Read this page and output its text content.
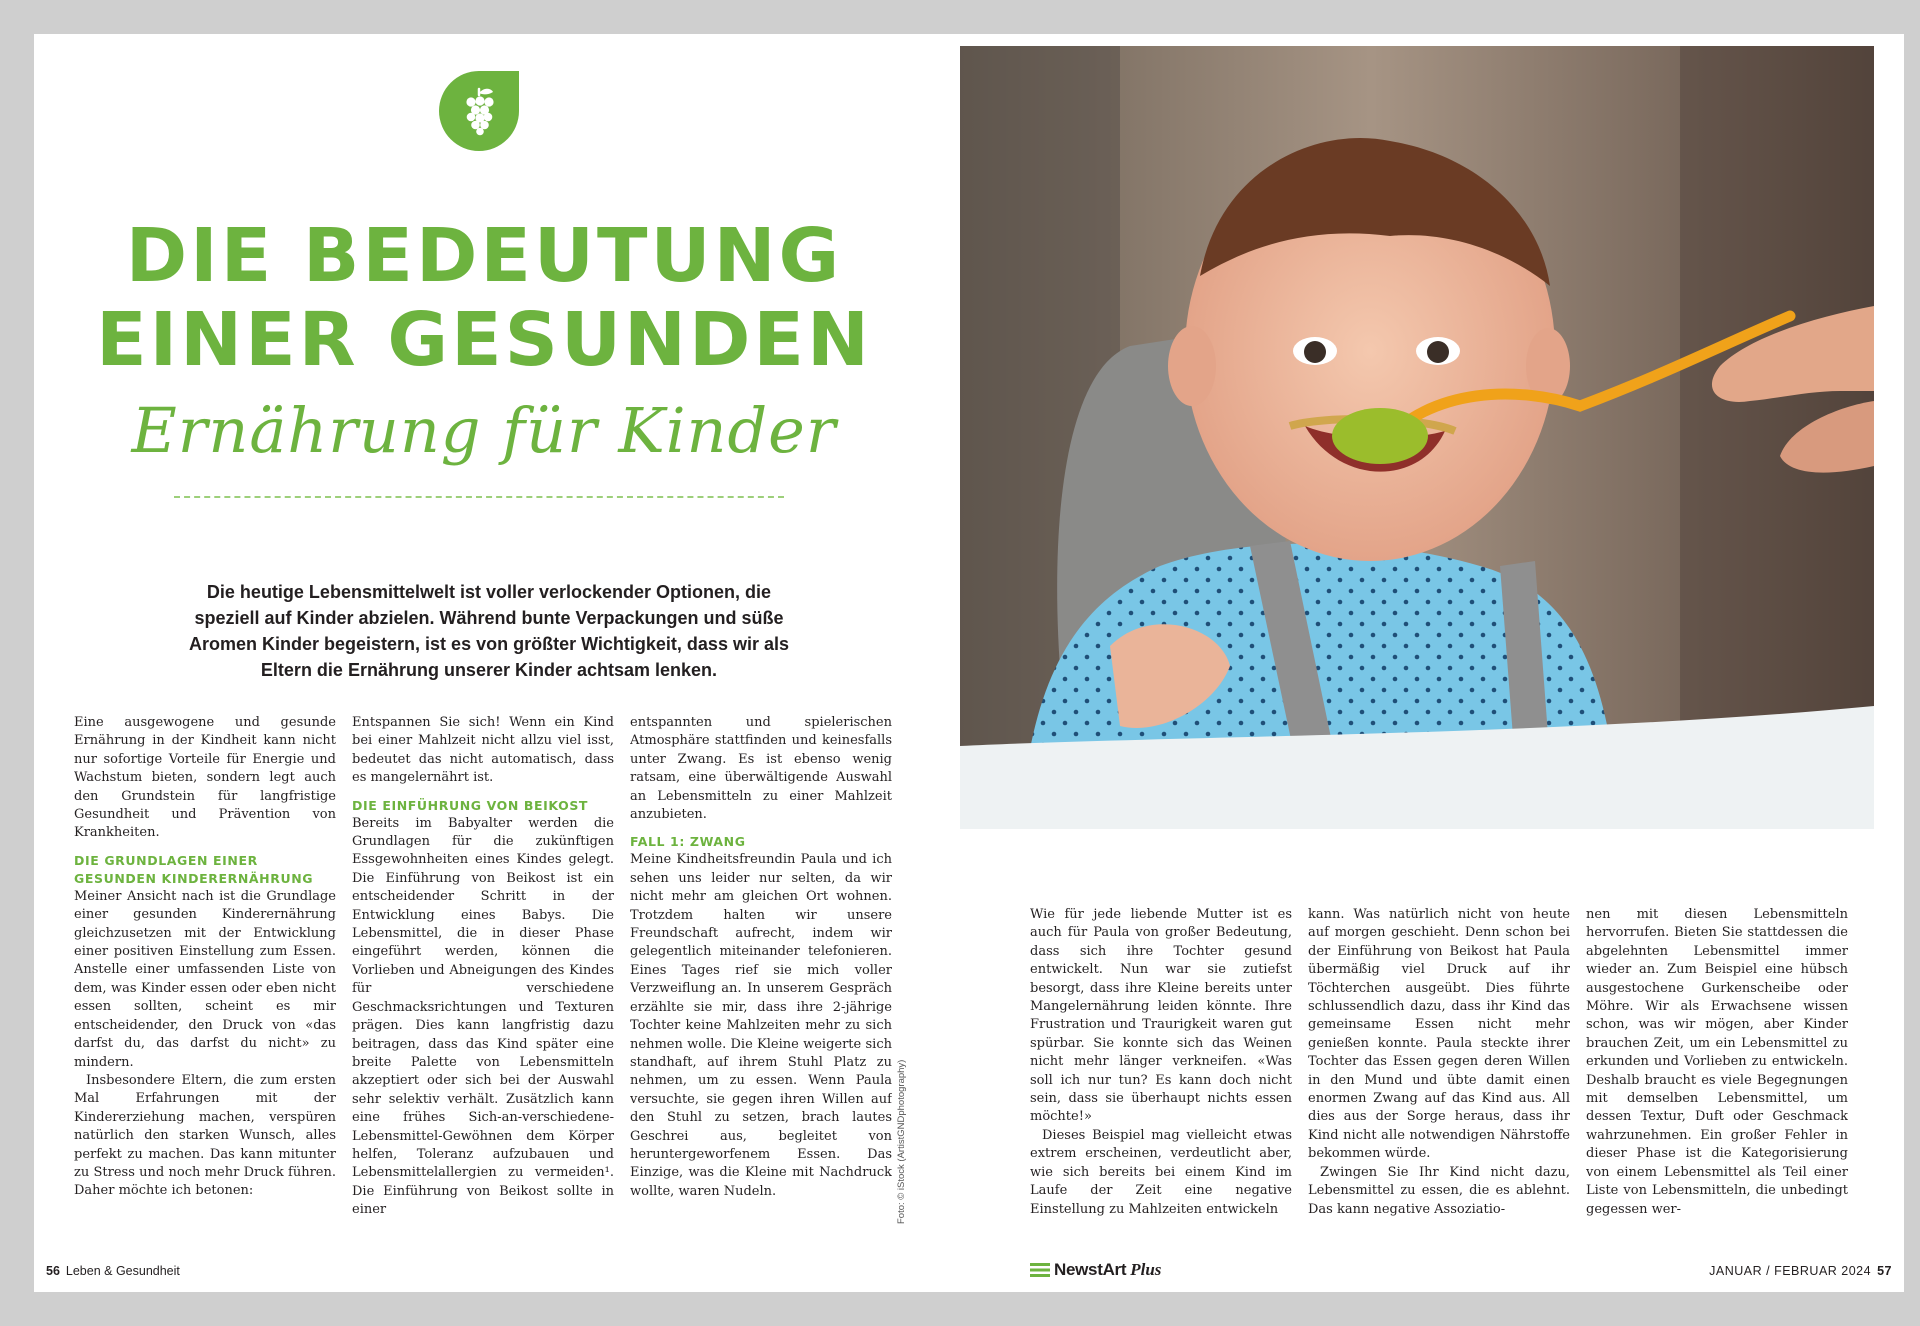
DIE BEDEUTUNG
EINER GESUNDEN

Ernährung für Kinder

Die heutige Lebensmittelwelt ist voller verlockender Optionen, die speziell auf Kinder abzielen. Während bunte Verpackungen und süße Aromen Kinder begeistern, ist es von größter Wichtigkeit, dass wir als Eltern die Ernährung unserer Kinder achtsam lenken.

Eine ausgewogene und gesunde Ernährung in der Kindheit kann nicht nur sofortige Vorteile für Energie und Wachstum bieten, sondern legt auch den Grundstein für langfristige Gesundheit und Prävention von Krankheiten.

DIE GRUNDLAGEN EINER GESUNDEN KINDERERNÄHRUNG

Meiner Ansicht nach ist die Grundlage einer gesunden Kinderernährung gleichzusetzen mit der Entwicklung einer positiven Einstellung zum Essen. Anstelle einer umfassenden Liste von dem, was Kinder essen oder eben nicht essen sollten, scheint es mir entscheidender, den Druck von «das darfst du, das darfst du nicht» zu mindern.

Insbesondere Eltern, die zum ersten Mal Erfahrungen mit der Kindererziehung machen, verspüren natürlich den starken Wunsch, alles perfekt zu machen. Das kann mitunter zu Stress und noch mehr Druck führen. Daher möchte ich betonen:

Entspannen Sie sich! Wenn ein Kind bei einer Mahlzeit nicht allzu viel isst, bedeutet das nicht automatisch, dass es mangelernährt ist.

DIE EINFÜHRUNG VON BEIKOST

Bereits im Babyalter werden die Grundlagen für die zukünftigen Essgewohnheiten eines Kindes gelegt. Die Einführung von Beikost ist ein entscheidender Schritt in der Entwicklung eines Babys. Die Lebensmittel, die in dieser Phase eingeführt werden, können die Vorlieben und Abneigungen des Kindes für verschiedene Geschmacksrichtungen und Texturen prägen. Dies kann langfristig dazu beitragen, dass das Kind später eine breite Palette von Lebensmitteln akzeptiert oder sich bei der Auswahl sehr selektiv verhält. Zusätzlich kann eine frühes Sich-an-verschiedene-Lebensmittel-Gewöhnen dem Körper helfen, Toleranz aufzubauen und Lebensmittelallergien zu vermeiden¹. Die Einführung von Beikost sollte in einer

entspannten und spielerischen Atmosphäre stattfinden und keinesfalls unter Zwang. Es ist ebenso wenig ratsam, eine überwältigende Auswahl an Lebensmitteln zu einer Mahlzeit anzubieten.

FALL 1: ZWANG

Meine Kindheitsfreundin Paula und ich sehen uns leider nur selten, da wir nicht mehr am gleichen Ort wohnen. Trotzdem halten wir unsere Freundschaft aufrecht, indem wir gelegentlich miteinander telefonieren. Eines Tages rief sie mich voller Verzweiflung an. In unserem Gespräch erzählte sie mir, dass ihre 2-jährige Tochter keine Mahlzeiten mehr zu sich nehmen wolle. Die Kleine weigerte sich standhaft, auf ihrem Stuhl Platz zu nehmen, um zu essen. Wenn Paula versuchte, sie gegen ihren Willen auf den Stuhl zu setzen, brach lautes Geschrei aus, begleitet von heruntergeworfenem Essen. Das Einzige, was die Kleine mit Nachdruck wollte, waren Nudeln.	Foto: © iStock (ArtistGNDphotography)
56 Leben & Gesundheit

Wie für jede liebende Mutter ist es auch für Paula von großer Bedeutung, dass sich ihre Tochter gesund entwickelt. Nun war sie zutiefst besorgt, dass ihre Kleine bereits unter Mangelernährung leiden könnte. Ihre Frustration und Traurigkeit waren gut spürbar. Sie konnte sich das Weinen nicht mehr länger verkneifen. «Was soll ich nur tun? Es kann doch nicht sein, dass sie überhaupt nichts essen möchte!»

Dieses Beispiel mag vielleicht etwas extrem erscheinen, verdeutlicht aber, wie sich bereits bei einem Kind im Laufe der Zeit eine negative Einstellung zu Mahlzeiten entwickeln

kann. Was natürlich nicht von heute auf morgen geschieht. Denn schon bei der Einführung von Beikost hat Paula übermäßig viel Druck auf ihr Töchterchen ausgeübt. Dies führte schlussendlich dazu, dass ihr Kind das gemeinsame Essen nicht mehr genießen konnte. Paula steckte ihrer Tochter das Essen gegen deren Willen in den Mund und übte damit einen enormen Zwang auf das Kind aus. All dies aus der Sorge heraus, dass ihr Kind nicht alle notwendigen Nährstoffe bekommen würde.

Zwingen Sie Ihr Kind nicht dazu, Lebensmittel zu essen, die es ablehnt. Das kann negative Assoziatio-

nen mit diesen Lebensmitteln hervorrufen. Bieten Sie stattdessen die abgelehnten Lebensmittel immer wieder an. Zum Beispiel eine hübsch ausgestochene Gurkenscheibe oder Möhre. Wir als Erwachsene wissen schon, was wir mögen, aber Kinder brauchen Zeit, um ein Lebensmittel zu erkunden und Vorlieben zu entwickeln. Deshalb braucht es viele Begegnungen mit demselben Lebensmittel, um dessen Textur, Duft oder Geschmack wahrzunehmen. Ein großer Fehler in dieser Phase ist die Kategorisierung von einem Lebensmittel als Teil einer Liste von Lebensmitteln, die unbedingt gegessen wer-

NewstArt Plus	JANUAR / FEBRUAR 2024 57
